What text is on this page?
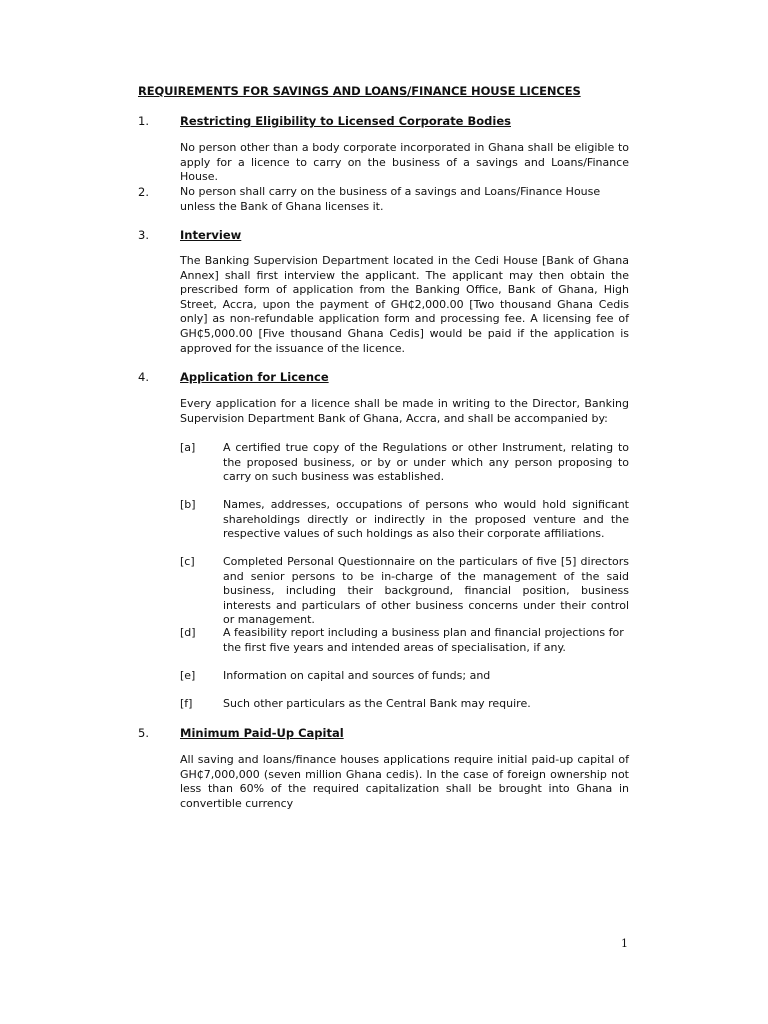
REQUIREMENTS FOR SAVINGS AND LOANS/FINANCE HOUSE LICENCES
1.	Restricting Eligibility to Licensed Corporate Bodies
No person other than a body corporate incorporated in Ghana shall be eligible to apply for a licence to carry on the business of a savings and Loans/Finance House.
2.	No person shall carry on the business of a savings and Loans/Finance House unless the Bank of Ghana licenses it.
3.	Interview
The Banking Supervision Department located in the Cedi House [Bank of Ghana Annex] shall first interview the applicant. The applicant may then obtain the prescribed form of application from the Banking Office, Bank of Ghana, High Street, Accra, upon the payment of GH₵2,000.00 [Two thousand Ghana Cedis only] as non-refundable application form and processing fee. A licensing fee of GH₵5,000.00 [Five thousand Ghana Cedis] would be paid if the application is approved for the issuance of the licence.
4.	Application for Licence
Every application for a licence shall be made in writing to the Director, Banking Supervision Department Bank of Ghana, Accra, and shall be accompanied by:
[a]	A certified true copy of the Regulations or other Instrument, relating to the proposed business, or by or under which any person proposing to carry on such business was established.
[b] Names, addresses, occupations of persons who would hold significant shareholdings directly or indirectly in the proposed venture and the respective values of such holdings as also their corporate affiliations.
[c]	Completed Personal Questionnaire on the particulars of five [5] directors and senior persons to be in-charge of the management of the said business, including their background, financial position, business interests and particulars of other business concerns under their control or management.
[d] A feasibility report including a business plan and financial projections for the first five years and intended areas of specialisation, if any.
[e]	Information on capital and sources of funds; and
[f]	Such other particulars as the Central Bank may require.
5.	Minimum Paid-Up Capital
All saving and loans/finance houses applications require initial paid-up capital of GH₵7,000,000 (seven million Ghana cedis). In the case of foreign ownership not less than 60% of the required capitalization shall be brought into Ghana in convertible currency
1
